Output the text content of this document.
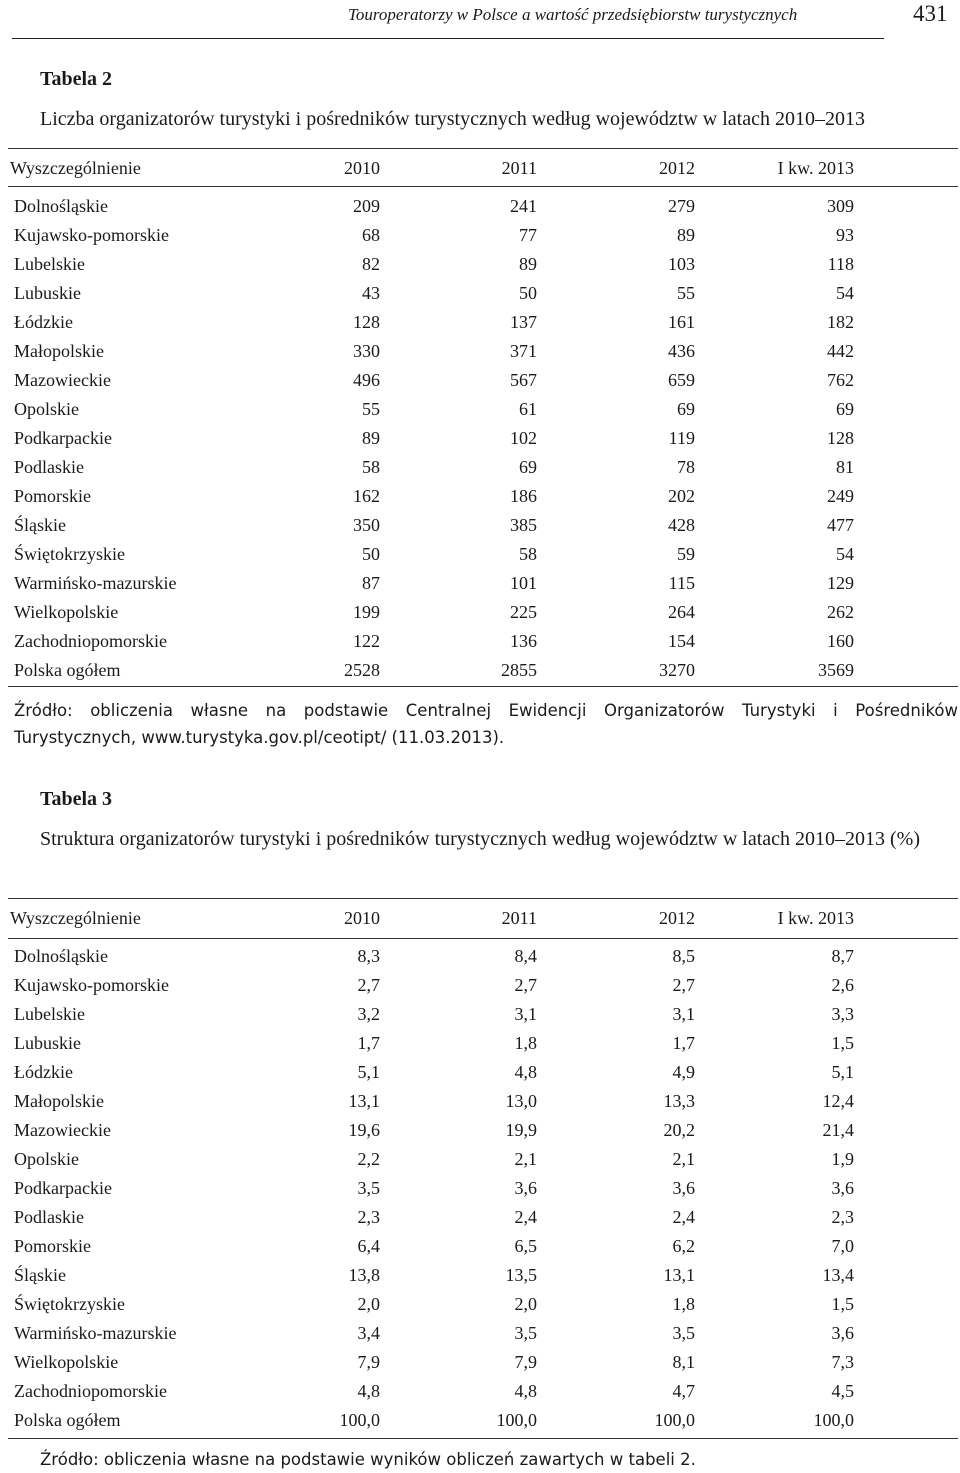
Touroperatorzy w Polsce a wartość przedsiębiorstw turystycznych	431
Tabela 2
Liczba organizatorów turystyki i pośredników turystycznych według województw w latach 2010–2013
Wyszczególnienie	2010	2011	2012	I kw. 2013
Dolnośląskie	209	241	279	309
Kujawsko-pomorskie	68	77	89	93
Lubelskie	82	89	103	118
Lubuskie	43	50	55	54
Łódzkie	128	137	161	182
Małopolskie	330	371	436	442
Mazowieckie	496	567	659	762
Opolskie	55	61	69	69
Podkarpackie	89	102	119	128
Podlaskie	58	69	78	81
Pomorskie	162	186	202	249
Śląskie	350	385	428	477
Świętokrzyskie	50	58	59	54
Warmińsko-mazurskie	87	101	115	129
Wielkopolskie	199	225	264	262
Zachodniopomorskie	122	136	154	160
Polska ogółem	2528	2855	3270	3569
Źródło: obliczenia własne na podstawie Centralnej Ewidencji Organizatorów Turystyki i Pośredników Turystycznych, www.turystyka.gov.pl/ceotipt/ (11.03.2013).
Tabela 3
Struktura organizatorów turystyki i pośredników turystycznych według województw w latach 2010–2013 (%)
Wyszczególnienie	2010	2011	2012	I kw. 2013
Dolnośląskie	8,3	8,4	8,5	8,7
Kujawsko-pomorskie	2,7	2,7	2,7	2,6
Lubelskie	3,2	3,1	3,1	3,3
Lubuskie	1,7	1,8	1,7	1,5
Łódzkie	5,1	4,8	4,9	5,1
Małopolskie	13,1	13,0	13,3	12,4
Mazowieckie	19,6	19,9	20,2	21,4
Opolskie	2,2	2,1	2,1	1,9
Podkarpackie	3,5	3,6	3,6	3,6
Podlaskie	2,3	2,4	2,4	2,3
Pomorskie	6,4	6,5	6,2	7,0
Śląskie	13,8	13,5	13,1	13,4
Świętokrzyskie	2,0	2,0	1,8	1,5
Warmińsko-mazurskie	3,4	3,5	3,5	3,6
Wielkopolskie	7,9	7,9	8,1	7,3
Zachodniopomorskie	4,8	4,8	4,7	4,5
Polska ogółem	100,0	100,0	100,0	100,0
Źródło: obliczenia własne na podstawie wyników obliczeń zawartych w tabeli 2.
